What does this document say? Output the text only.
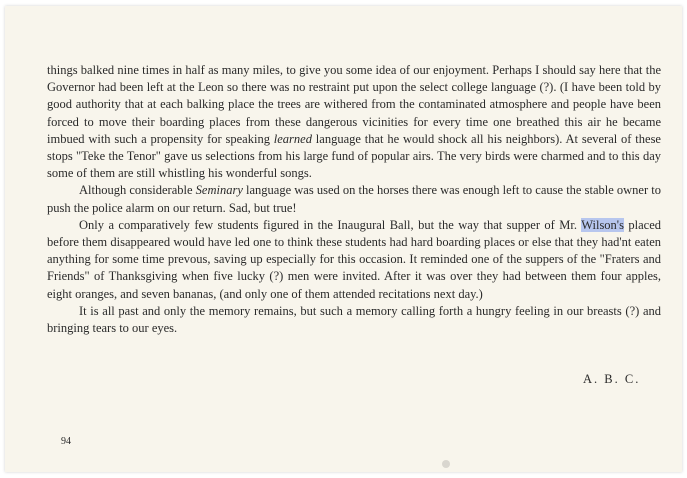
things balked nine times in half as many miles, to give you some idea of our enjoyment. Perhaps I should say here that the Governor had been left at the Leon so there was no restraint put upon the select college language (?). (I have been told by good authority that at each balking place the trees are withered from the contaminated atmosphere and people have been forced to move their boarding places from these dangerous vicinities for every time one breathed this air he became imbued with such a propensity for speaking learned language that he would shock all his neighbors). At several of these stops "Teke the Tenor" gave us selections from his large fund of popular airs. The very birds were charmed and to this day some of them are still whistling his wonderful songs.

Although considerable Seminary language was used on the horses there was enough left to cause the stable owner to push the police alarm on our return. Sad, but true!

Only a comparatively few students figured in the Inaugural Ball, but the way that supper of Mr. Wilson's placed before them disappeared would have led one to think these students had hard boarding places or else that they had'nt eaten anything for some time prevous, saving up especially for this occasion. It reminded one of the suppers of the "Fraters and Friends" of Thanksgiving when five lucky (?) men were invited. After it was over they had between them four apples, eight oranges, and seven bananas, (and only one of them attended recitations next day.)

It is all past and only the memory remains, but such a memory calling forth a hungry feeling in our breasts (?) and bringing tears to our eyes.

A. B. C.
94
